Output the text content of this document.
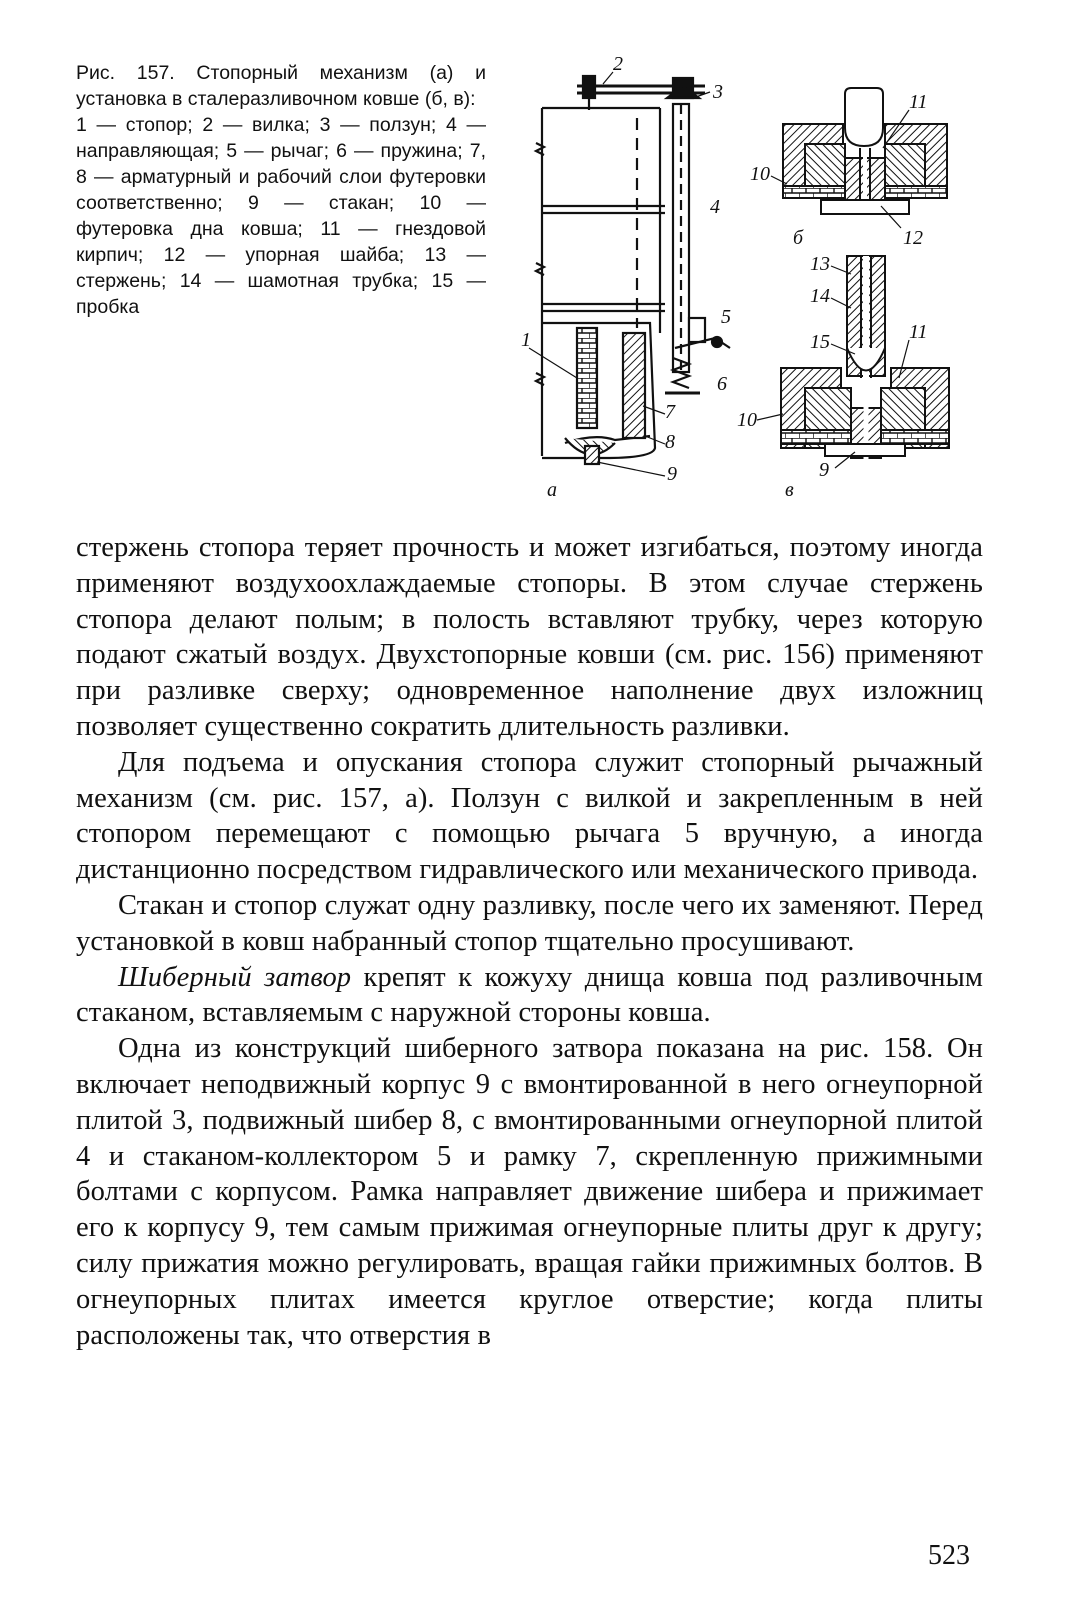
Рис. 157. Стопорный механизм (а) и установка в сталеразливочном ковше (б, в):
1 — стопор; 2 — вилка; 3 — ползун; 4 — направляющая; 5 — рычаг; 6 — пружина; 7, 8 — арматурный и рабочий слои футеровки соответственно; 9 — стакан; 10 — футеровка дна ковша; 11 — гнездовой кирпич; 12 — упорная шайба; 13 — стержень; 14 — шамотная трубка; 15 — пробка
2
3
4
5
6
7
8
9
1
а
11
10
12
б
13
14
15	11
10
9
в

стержень стопора теряет прочность и может изгибаться, поэтому иногда применяют воздухоохлаждаемые стопоры. В этом случае стержень стопора делают полым; в полость вставляют трубку, через которую подают сжатый воздух. Двухстопорные ковши (см. рис. 156) применяют при разливке сверху; одновременное наполнение двух изложниц позволяет существенно сократить длительность разливки.

Для подъема и опускания стопора служит стопорный рычажный механизм (см. рис. 157, а). Ползун с вилкой и закрепленным в ней стопором перемещают с помощью рычага 5 вручную, а иногда дистанционно посредством гидравлического или механического привода.

Стакан и стопор служат одну разливку, после чего их заменяют. Перед установкой в ковш набранный стопор тщательно просушивают.

Шиберный затвор крепят к кожуху днища ковша под разливочным стаканом, вставляемым с наружной стороны ковша.

Одна из конструкций шиберного затвора показана на рис. 158. Он включает неподвижный корпус 9 с вмонтированной в него огнеупорной плитой 3, подвижный шибер 8, с вмонтированными огнеупорной плитой 4 и стаканом-коллектором 5 и рамку 7, скрепленную прижимными болтами с корпусом. Рамка направляет движение шибера и прижимает его к корпусу 9, тем самым прижимая огнеупорные плиты друг к другу; силу прижатия можно регулировать, вращая гайки прижимных болтов. В огнеупорных плитах имеется круглое отверстие; когда плиты расположены так, что отверстия в

523
